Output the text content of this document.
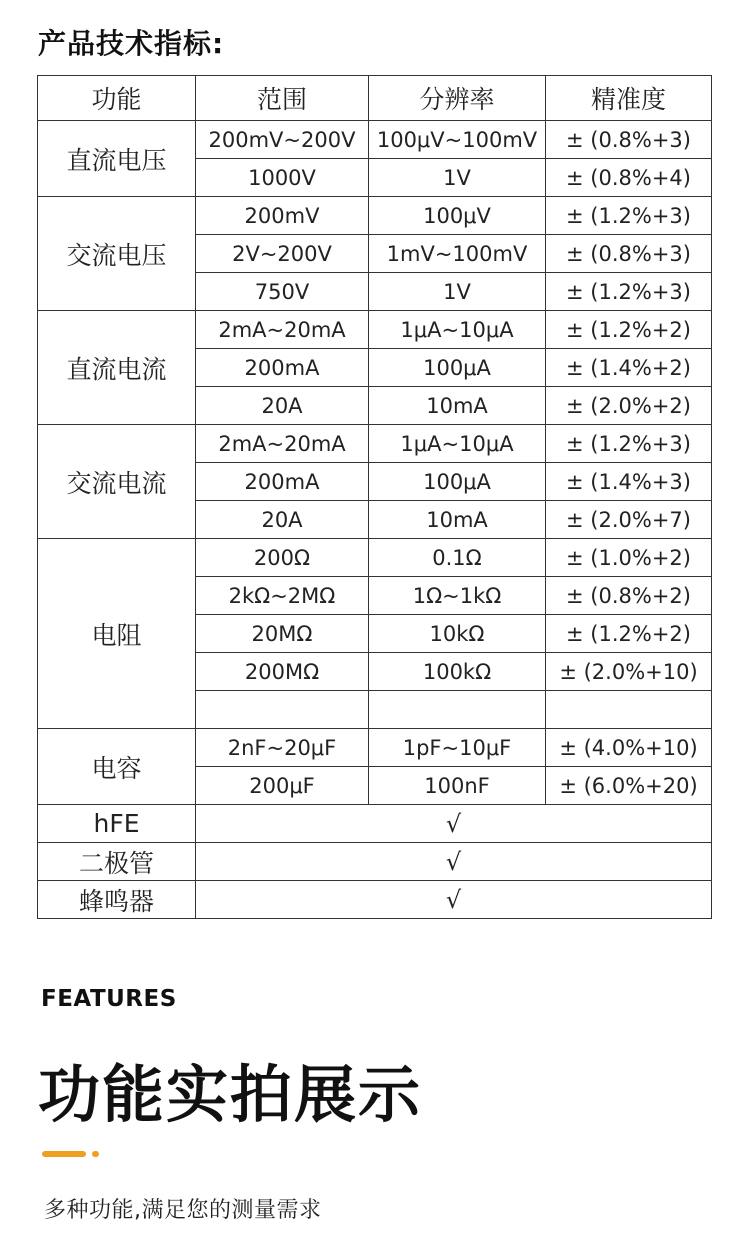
产品技术指标:
功能	范围	分辨率	精准度
直流电压	200mV~200V	100μV~100mV	± (0.8%+3)
	1000V	1V	± (0.8%+4)
交流电压	200mV	100μV	± (1.2%+3)
	2V~200V	1mV~100mV	± (0.8%+3)
	750V	1V	± (1.2%+3)
直流电流	2mA~20mA	1μA~10μA	± (1.2%+2)
	200mA	100μA	± (1.4%+2)
	20A	10mA	± (2.0%+2)
交流电流	2mA~20mA	1μA~10μA	± (1.2%+3)
	200mA	100μA	± (1.4%+3)
	20A	10mA	± (2.0%+7)
电阻	200Ω	0.1Ω	± (1.0%+2)
	2kΩ~2MΩ	1Ω~1kΩ	± (0.8%+2)
	20MΩ	10kΩ	± (1.2%+2)
	200MΩ	100kΩ	± (2.0%+10)

电容	2nF~20μF	1pF~10μF	± (4.0%+10)
	200μF	100nF	± (6.0%+20)
hFE	√		
二极管	√		
蜂鸣器	√		
FEATURES
功能实拍展示
多种功能,满足您的测量需求
